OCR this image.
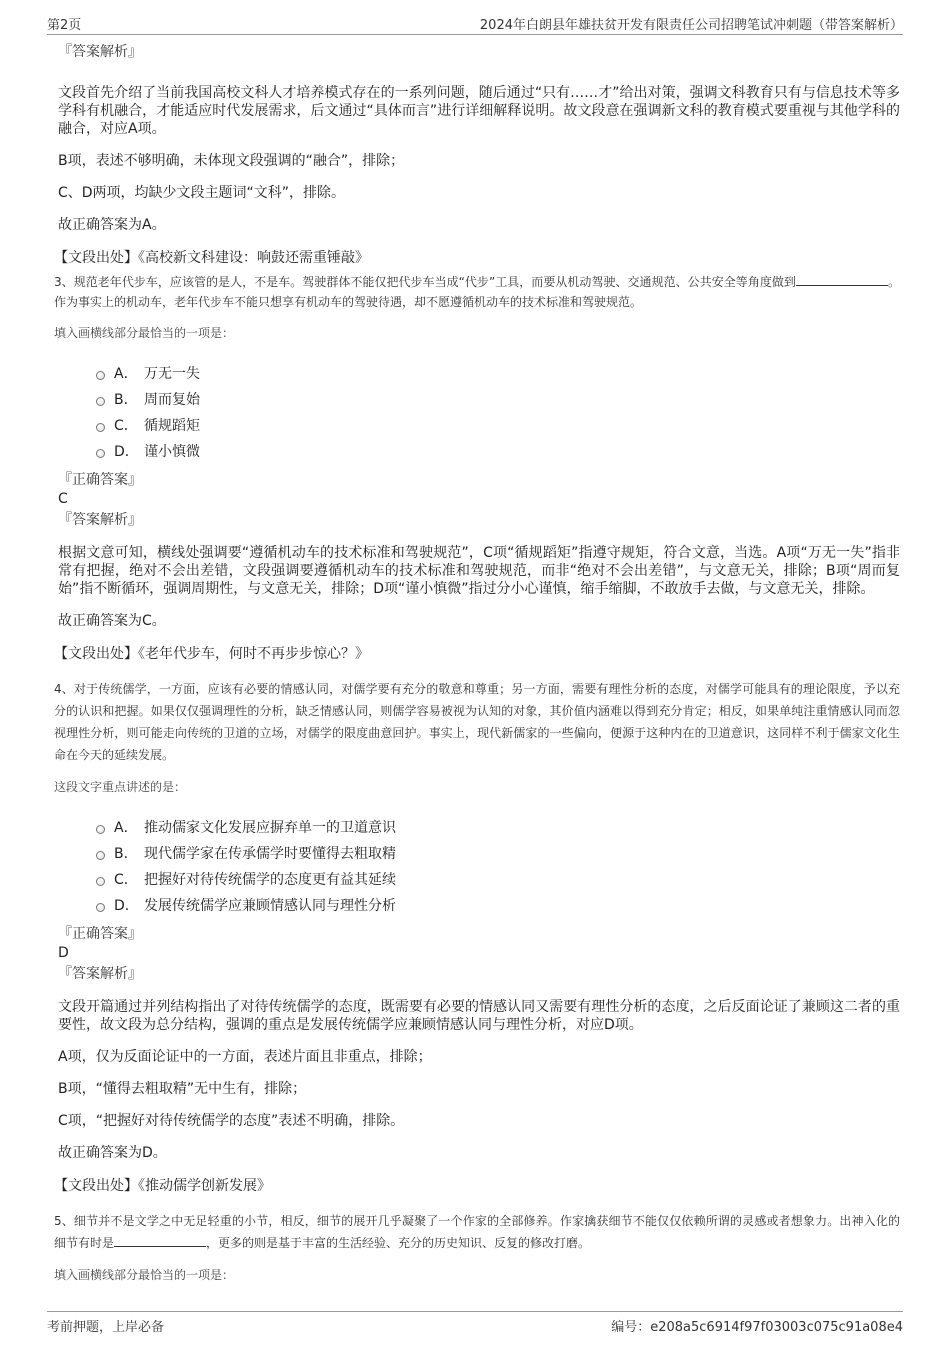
第2页	2024年白朗县年雄扶贫开发有限责任公司招聘笔试冲刺题（带答案解析）
『答案解析』
文段首先介绍了当前我国高校文科人才培养模式存在的一系列问题，随后通过“只有……才”给出对策，强调文科教育只有与信息技术等多学科有机融合，才能适应时代发展需求，后文通过“具体而言”进行详细解释说明。故文段意在强调新文科的教育模式要重视与其他学科的融合，对应A项。
B项，表述不够明确，未体现文段强调的“融合”，排除；
C、D两项，均缺少文段主题词“文科”，排除。
故正确答案为A。
【文段出处】《高校新文科建设：响鼓还需重锤敲》
3、规范老年代步车，应该管的是人，不是车。驾驶群体不能仅把代步车当成“代步”工具，而要从机动驾驶、交通规范、公共安全等角度做到	。作为事实上的机动车，老年代步车不能只想享有机动车的驾驶待遇，却不愿遵循机动车的技术标准和驾驶规范。
填入画横线部分最恰当的一项是：
A． 万无一失
B． 周而复始
C． 循规蹈矩
D． 谨小慎微
『正确答案』
C
『答案解析』
根据文意可知，横线处强调要“遵循机动车的技术标准和驾驶规范”，C项“循规蹈矩”指遵守规矩，符合文意，当选。A项“万无一失”指非常有把握，绝对不会出差错，文段强调要遵循机动车的技术标准和驾驶规范，而非“绝对不会出差错”，与文意无关，排除；B项“周而复始”指不断循环，强调周期性，与文意无关，排除；D项“谨小慎微”指过分小心谨慎，缩手缩脚，不敢放手去做，与文意无关，排除。
故正确答案为C。
【文段出处】《老年代步车，何时不再步步惊心？》
4、对于传统儒学，一方面，应该有必要的情感认同，对儒学要有充分的敬意和尊重；另一方面，需要有理性分析的态度，对儒学可能具有的理论限度，予以充分的认识和把握。如果仅仅强调理性的分析，缺乏情感认同，则儒学容易被视为认知的对象，其价值内涵难以得到充分肯定；相反，如果单纯注重情感认同而忽视理性分析，则可能走向传统的卫道的立场，对儒学的限度曲意回护。事实上，现代新儒家的一些偏向，便源于这种内在的卫道意识，这同样不利于儒家文化生命在今天的延续发展。
这段文字重点讲述的是：
A． 推动儒家文化发展应摒弃单一的卫道意识
B． 现代儒学家在传承儒学时要懂得去粗取精
C． 把握好对待传统儒学的态度更有益其延续
D． 发展传统儒学应兼顾情感认同与理性分析
『正确答案』
D
『答案解析』
文段开篇通过并列结构指出了对待传统儒学的态度，既需要有必要的情感认同又需要有理性分析的态度，之后反面论证了兼顾这二者的重要性，故文段为总分结构，强调的重点是发展传统儒学应兼顾情感认同与理性分析，对应D项。
A项，仅为反面论证中的一方面，表述片面且非重点，排除；
B项，“懂得去粗取精”无中生有，排除；
C项，“把握好对待传统儒学的态度”表述不明确，排除。
故正确答案为D。
【文段出处】《推动儒学创新发展》
5、细节并不是文学之中无足轻重的小节，相反，细节的展开几乎凝聚了一个作家的全部修养。作家擒获细节不能仅仅依赖所谓的灵感或者想象力。出神入化的细节有时是	，更多的则是基于丰富的生活经验、充分的历史知识、反复的修改打磨。
填入画横线部分最恰当的一项是：
考前押题，上岸必备	编号：e208a5c6914f97f03003c075c91a08e4
